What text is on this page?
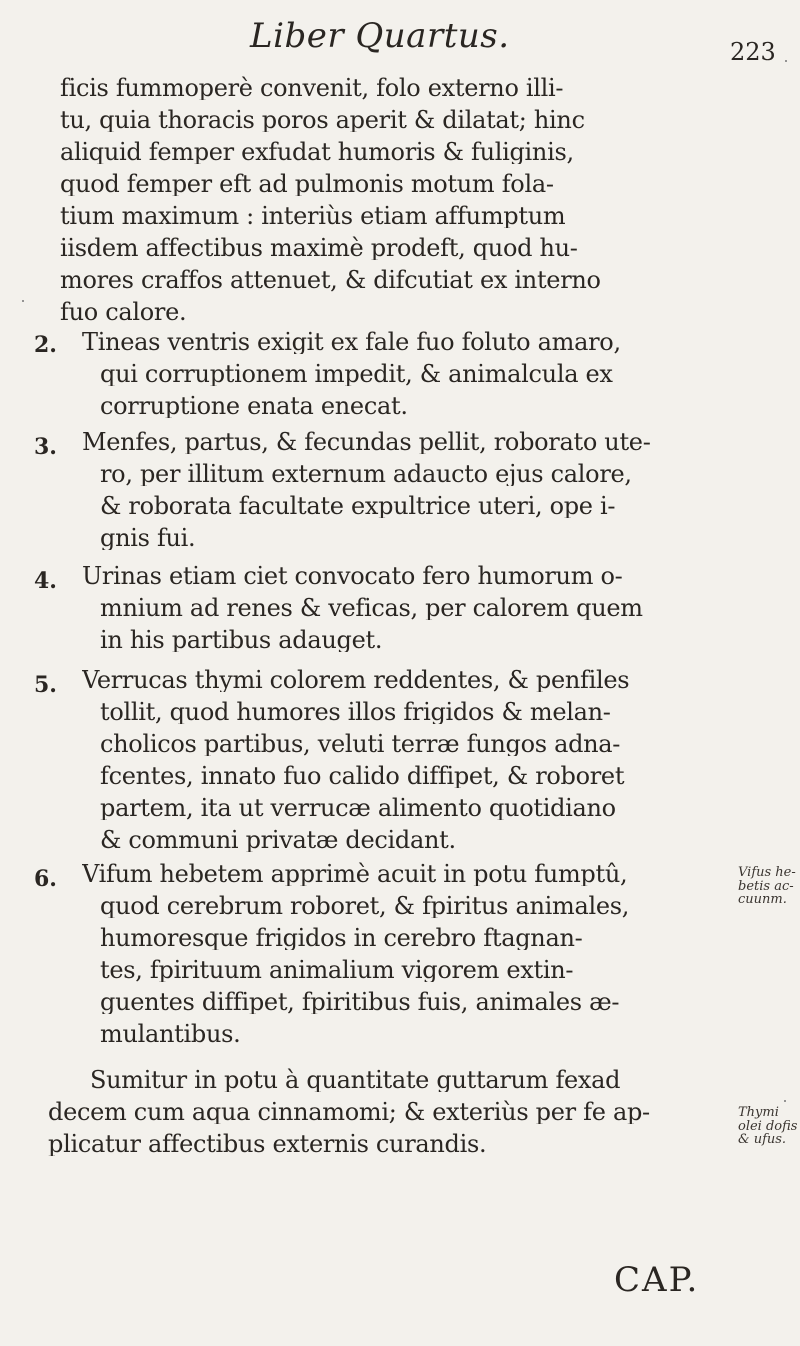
Liber Quartus.	223
ficis fummoperè convenit, folo externo illi-
tu, quia thoracis poros aperit & dilatat; hinc
aliquid femper exfudat humoris & fuliginis,
quod femper eft ad pulmonis motum fola-
tium maximum : interiùs etiam affumptum
iisdem affectibus maximè prodeft, quod hu-
mores craffos attenuet, & difcutiat ex interno
fuo calore.
2. Tineas ventris exigit ex fale fuo foluto amaro,
qui corruptionem impedit, & animalcula ex
corruptione enata enecat.
3. Menfes, partus, & fecundas pellit, roborato ute-
ro, per illitum externum adaucto ejus calore,
& roborata facultate expultrice uteri, ope i-
gnis fui.
4. Urinas etiam ciet convocato fero humorum o-
mnium ad renes & veficas, per calorem quem
in his partibus adauget.
5. Verrucas thymi colorem reddentes, & penfiles
tollit, quod humores illos frigidos & melan-
cholicos partibus, veluti terræ fungos adna-
fcentes, innato fuo calido diffipet, & roboret
partem, ita ut verrucæ alimento quotidiano
& communi privatæ decidant.
6. Vifum hebetem apprimè acuit in potu fumptû,
quod cerebrum roboret, & fpiritus animales,
humoresque frigidos in cerebro ftagnan-
tes, fpirituum animalium vigorem extin-
guentes diffipet, fpiritibus fuis, animales æ-
mulantibus.
Sumitur in potu à quantitate guttarum fexad
decem cum aqua cinnamomi; & exteriùs per fe ap-
plicatur affectibus externis curandis.
Vifus he-
betis ac-
cuunm.
Thymi
olei dofis
& ufus.
CAP.
